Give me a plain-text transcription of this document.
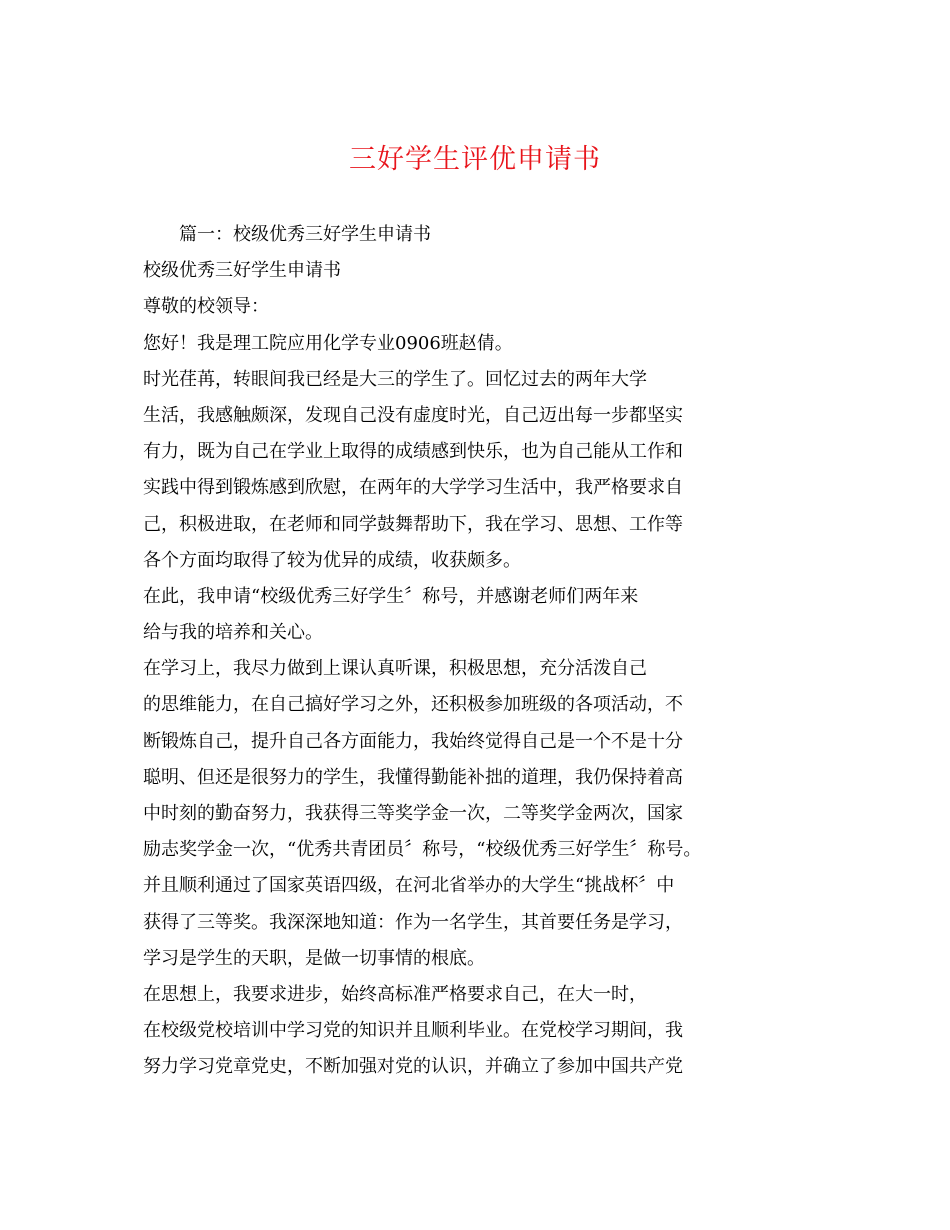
三好学生评优申请书
篇一：校级优秀三好学生申请书
校级优秀三好学生申请书
尊敬的校领导：
您好！我是理工院应用化学专业0906班赵倩。
时光荏苒，转眼间我已经是大三的学生了。回忆过去的两年大学
生活，我感触颇深，发现自己没有虚度时光，自己迈出每一步都坚实
有力，既为自己在学业上取得的成绩感到快乐，也为自己能从工作和
实践中得到锻炼感到欣慰，在两年的大学学习生活中，我严格要求自
己，积极进取，在老师和同学鼓舞帮助下，我在学习、思想、工作等
各个方面均取得了较为优异的成绩，收获颇多。
在此，我申请“校级优秀三好学生〞称号，并感谢老师们两年来
给与我的培养和关心。
在学习上，我尽力做到上课认真听课，积极思想，充分活泼自己
的思维能力，在自己搞好学习之外，还积极参加班级的各项活动，不
断锻炼自己，提升自己各方面能力，我始终觉得自己是一个不是十分
聪明、但还是很努力的学生，我懂得勤能补拙的道理，我仍保持着高
中时刻的勤奋努力，我获得三等奖学金一次，二等奖学金两次，国家
励志奖学金一次，“优秀共青团员〞称号，“校级优秀三好学生〞称号。
并且顺利通过了国家英语四级，在河北省举办的大学生“挑战杯〞中
获得了三等奖。我深深地知道：作为一名学生，其首要任务是学习，
学习是学生的天职，是做一切事情的根底。
在思想上，我要求进步，始终高标准严格要求自己，在大一时，
在校级党校培训中学习党的知识并且顺利毕业。在党校学习期间，我
努力学习党章党史，不断加强对党的认识，并确立了参加中国共产党
